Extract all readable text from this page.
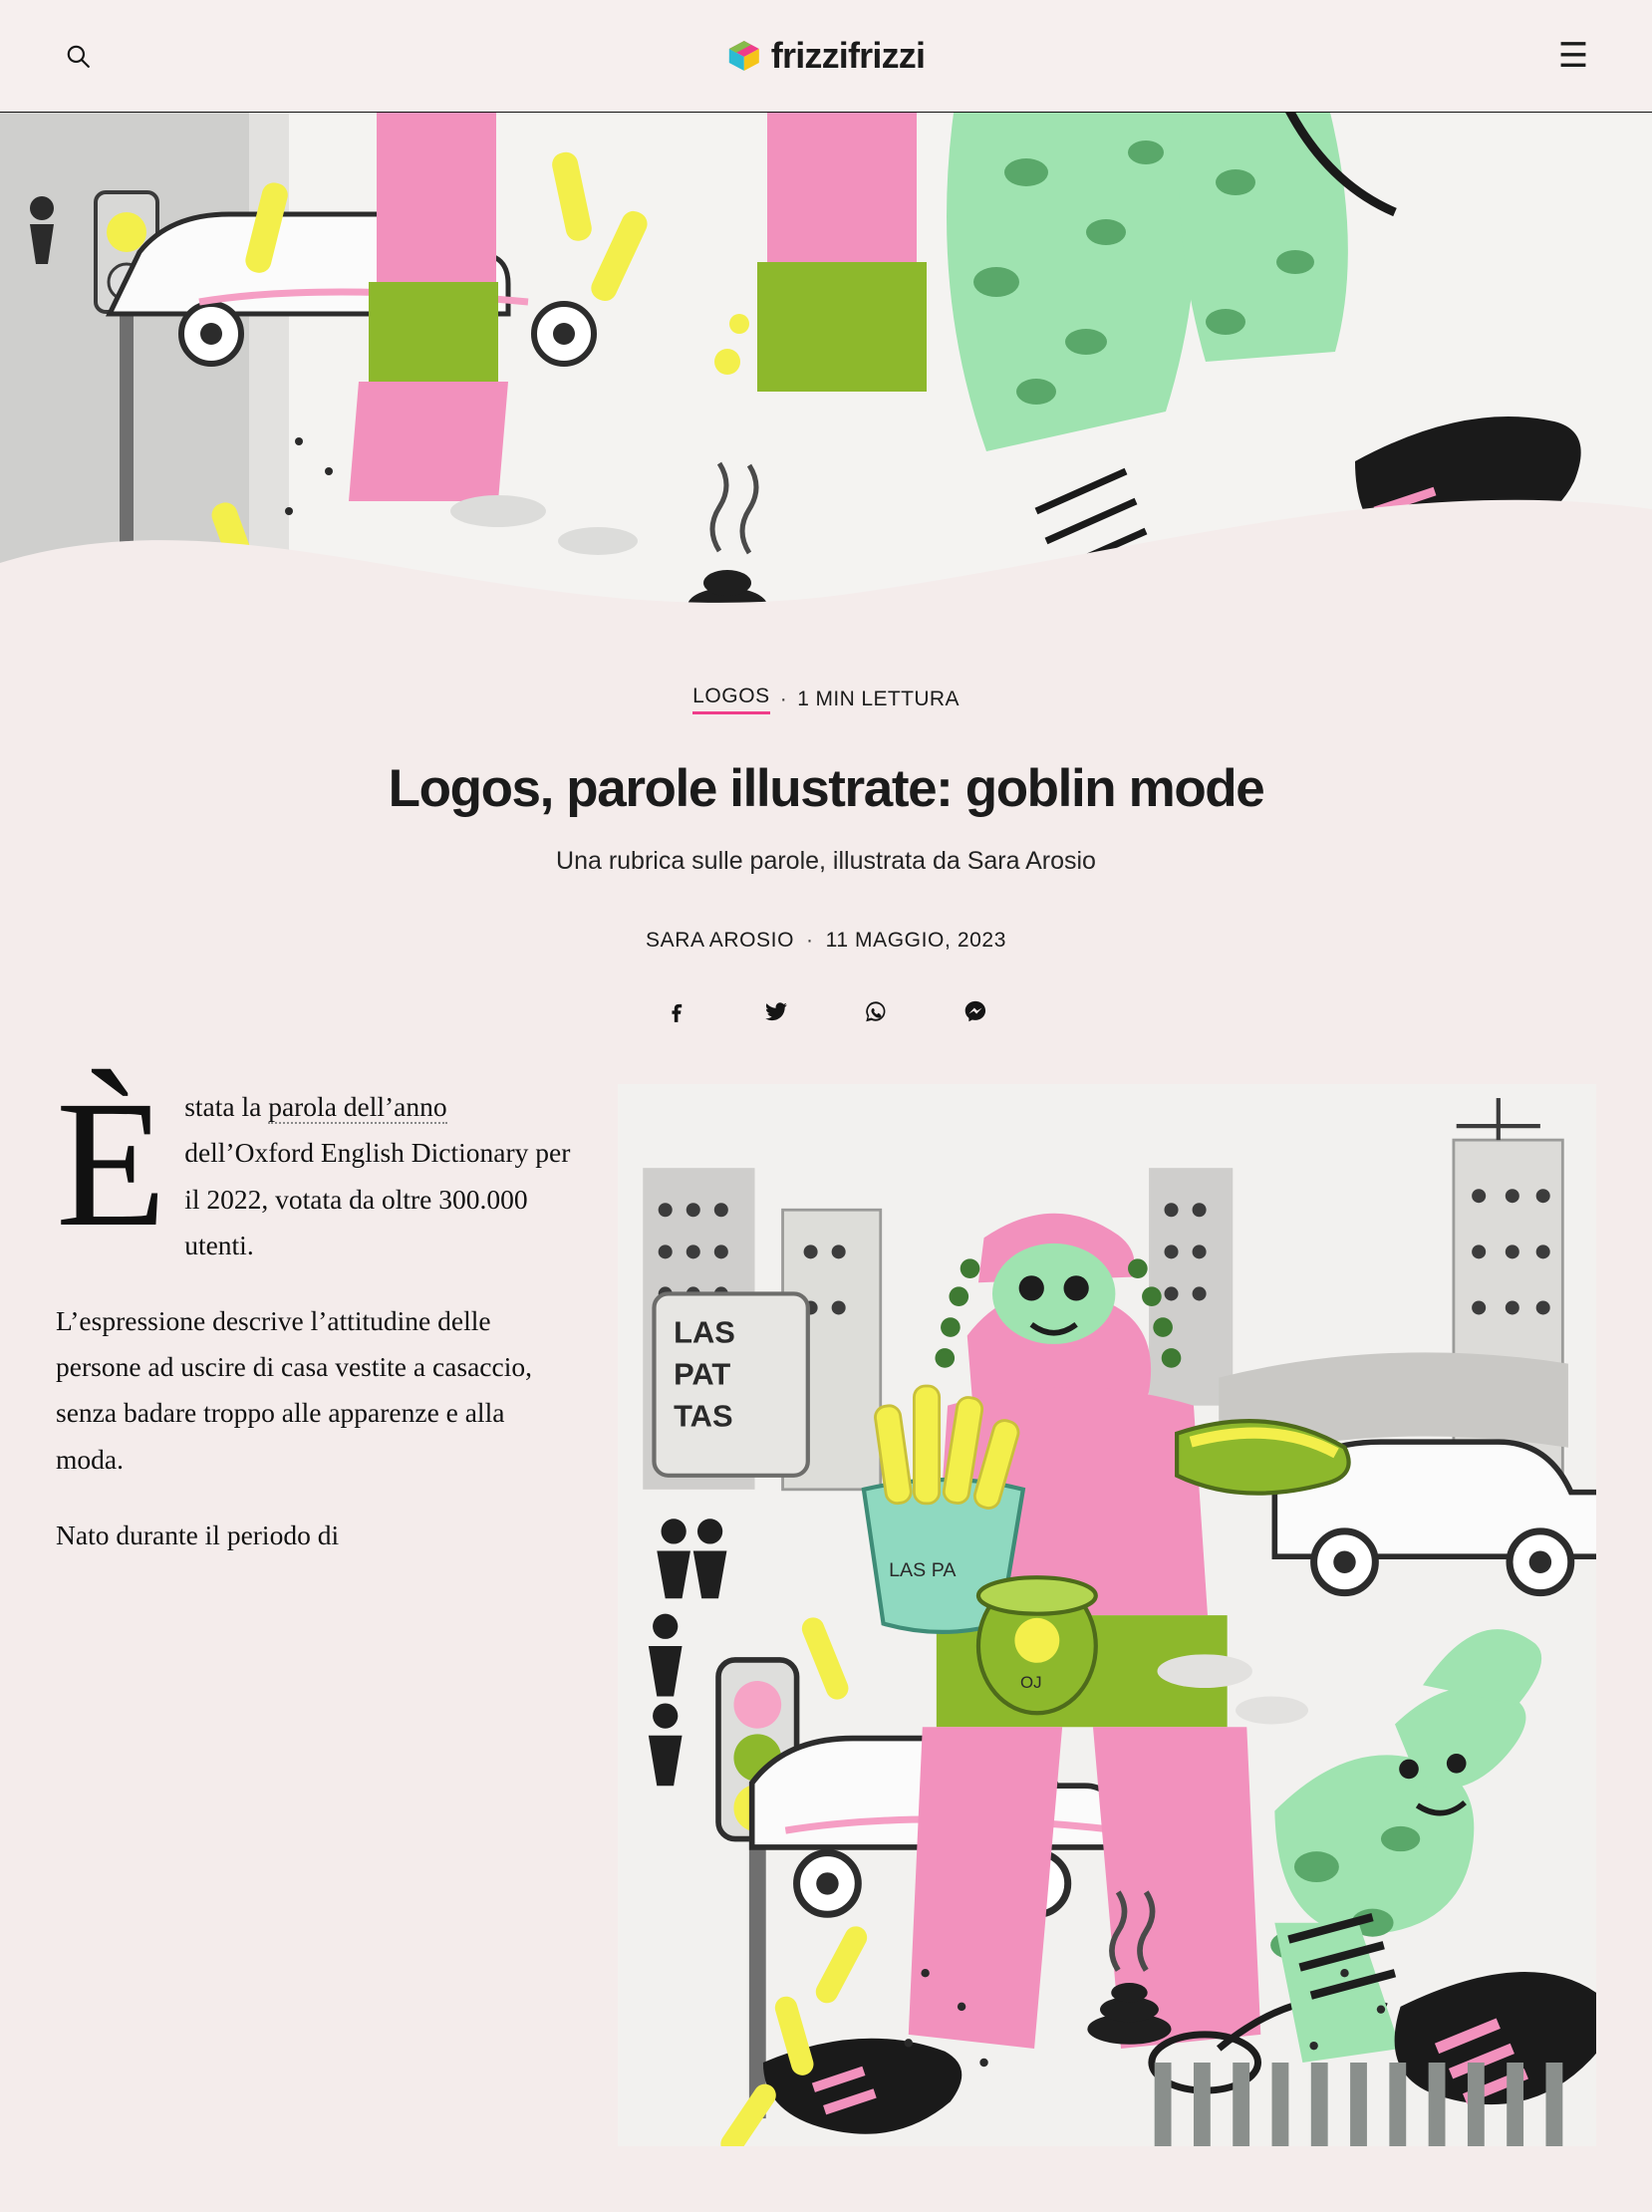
frizzifrizzi	☰
LOGOS · 1 MIN LETTURA
Logos, parole illustrate: goblin mode

Una rubrica sulle parole, illustrata da Sara Arosio

SARA AROSIO · 11 MAGGIO, 2023

Èstata la parola dell’anno dell’Oxford English Dictionary per il 2022, votata da oltre 300.000 utenti.

L’espressione descrive l’attitudine delle persone ad uscire di casa vestite a casaccio, senza badare troppo alle apparenze e alla moda.

Nato durante il periodo di

LAS
PAT
TAS
LAS PA
OJ
